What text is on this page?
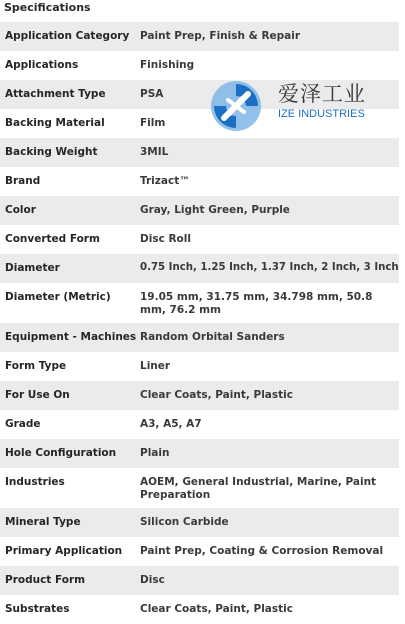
Specifications
Application Category	Paint Prep, Finish & Repair
Applications	Finishing
Attachment Type	PSA
Backing Material	Film
Backing Weight	3MIL
Brand	Trizact™
Color	Gray, Light Green, Purple
Converted Form	Disc Roll
Diameter	0.75 Inch, 1.25 Inch, 1.37 Inch, 2 Inch, 3 Inch
Diameter (Metric)	19.05 mm, 31.75 mm, 34.798 mm, 50.8 mm, 76.2 mm
Equipment - Machines	Random Orbital Sanders
Form Type	Liner
For Use On	Clear Coats, Paint, Plastic
Grade	A3, A5, A7
Hole Configuration	Plain
Industries	AOEM, General Industrial, Marine, Paint Preparation
Mineral Type	Silicon Carbide
Primary Application	Paint Prep, Coating & Corrosion Removal
Product Form	Disc
Substrates	Clear Coats, Paint, Plastic
爱泽工业
IZE INDUSTRIES
